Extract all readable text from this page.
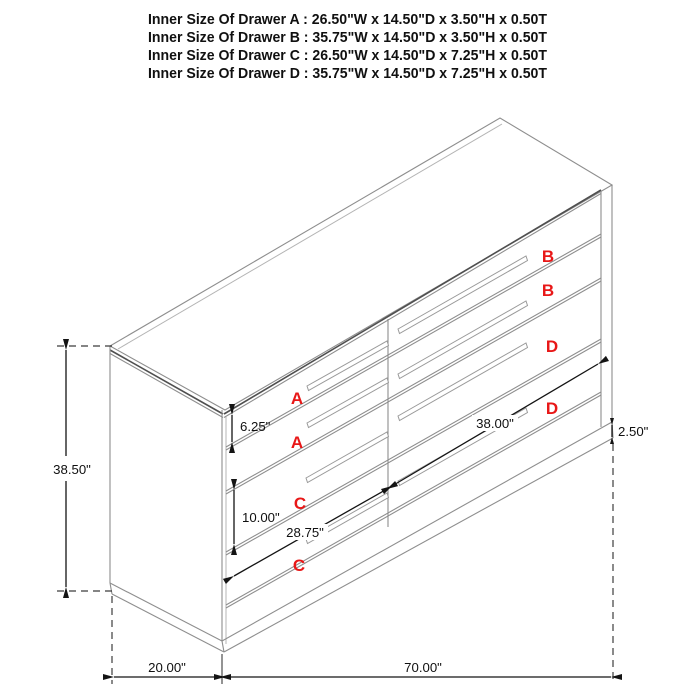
Inner Size Of Drawer A : 26.50"W x 14.50"D x 3.50"H x 0.50T
Inner Size Of Drawer B : 35.75"W x 14.50"D x 3.50"H x 0.50T
Inner Size Of Drawer C : 26.50"W x 14.50"D x 7.25"H x 0.50T
Inner Size Of Drawer D : 35.75"W x 14.50"D x 7.25"H x 0.50T
38.50"
20.00"	70.00"
2.50"
6.25"
10.00"
28.75"
38.00"
A
A
C
C
B
B
D
D
